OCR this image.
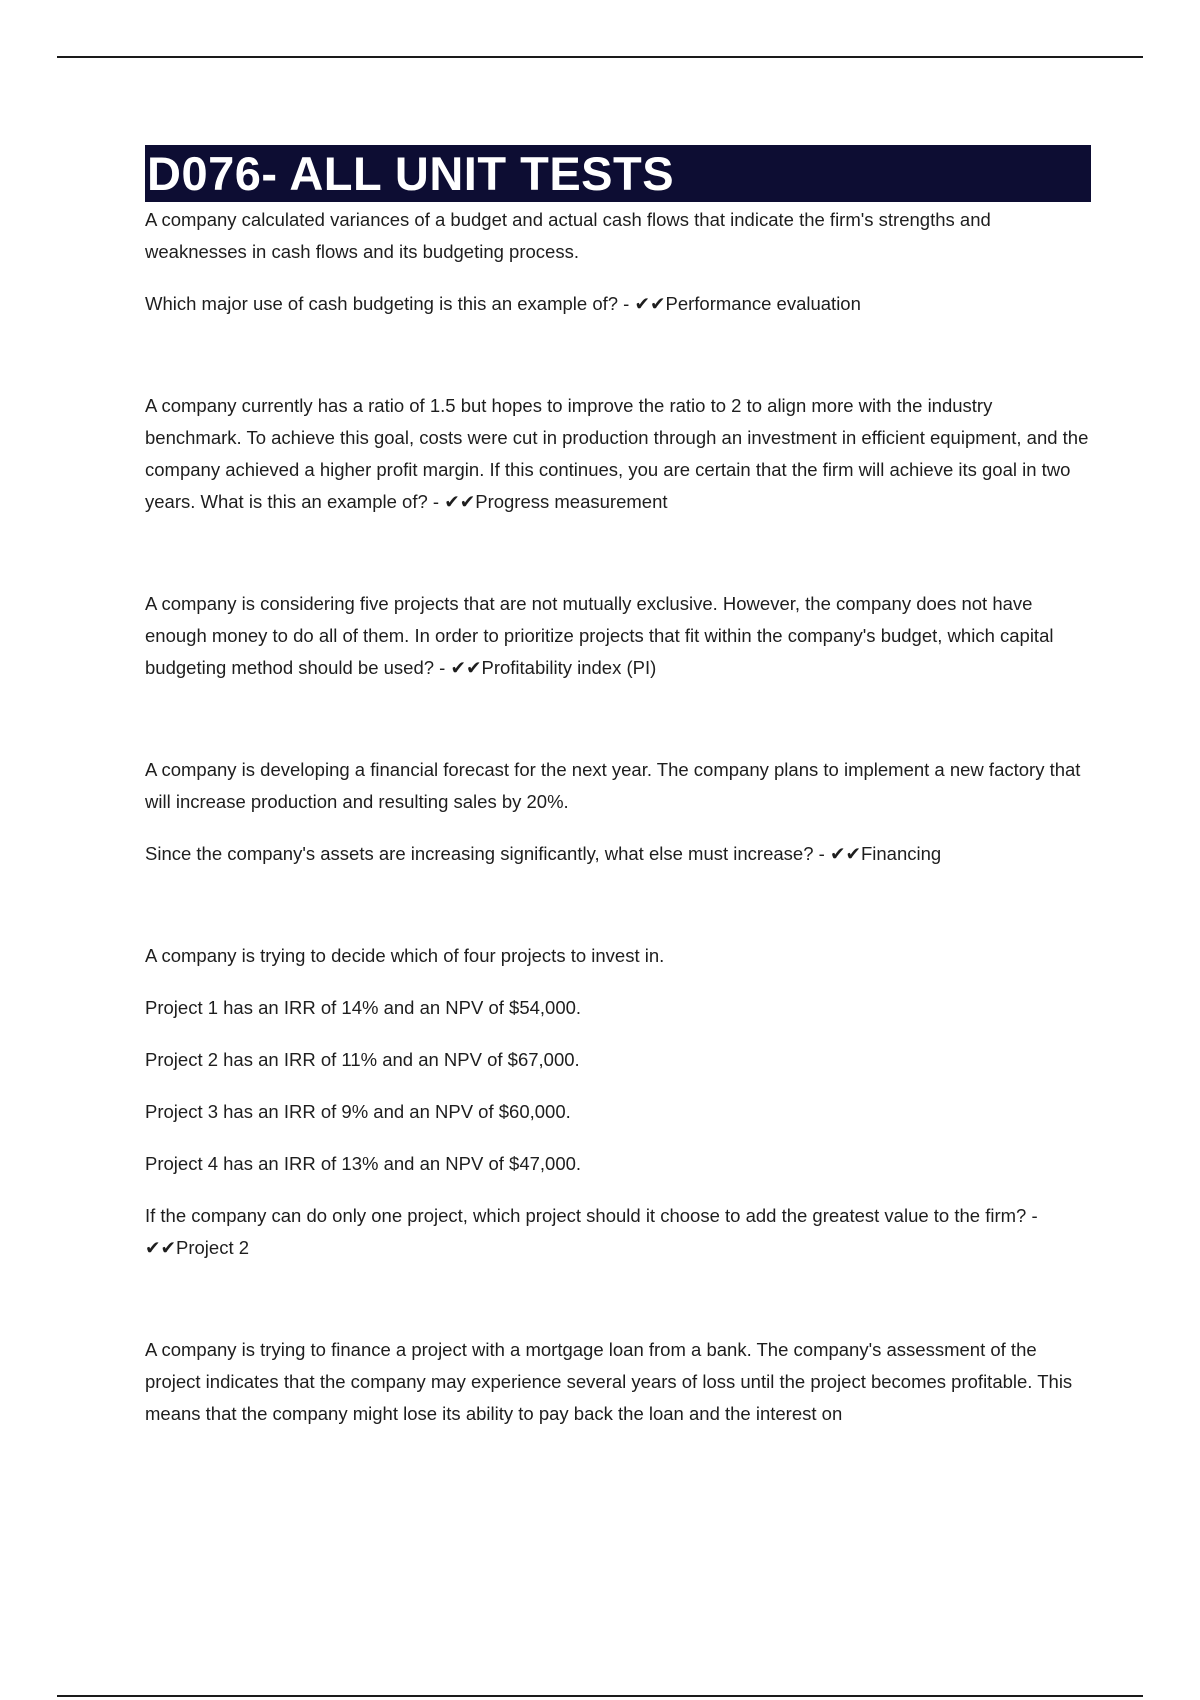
D076- ALL UNIT TESTS

A company calculated variances of a budget and actual cash flows that indicate the firm's strengths and weaknesses in cash flows and its budgeting process.

Which major use of cash budgeting is this an example of? - ✔✔Performance evaluation

A company currently has a ratio of 1.5 but hopes to improve the ratio to 2 to align more with the industry benchmark. To achieve this goal, costs were cut in production through an investment in efficient equipment, and the company achieved a higher profit margin. If this continues, you are certain that the firm will achieve its goal in two years. What is this an example of? - ✔✔Progress measurement

A company is considering five projects that are not mutually exclusive. However, the company does not have enough money to do all of them. In order to prioritize projects that fit within the company's budget, which capital budgeting method should be used? - ✔✔Profitability index (PI)

A company is developing a financial forecast for the next year. The company plans to implement a new factory that will increase production and resulting sales by 20%.

Since the company's assets are increasing significantly, what else must increase? - ✔✔Financing

A company is trying to decide which of four projects to invest in.

Project 1 has an IRR of 14% and an NPV of $54,000.

Project 2 has an IRR of 11% and an NPV of $67,000.

Project 3 has an IRR of 9% and an NPV of $60,000.

Project 4 has an IRR of 13% and an NPV of $47,000.

If the company can do only one project, which project should it choose to add the greatest value to the firm? - ✔✔Project 2

A company is trying to finance a project with a mortgage loan from a bank. The company's assessment of the project indicates that the company may experience several years of loss until the project becomes profitable. This means that the company might lose its ability to pay back the loan and the interest on
